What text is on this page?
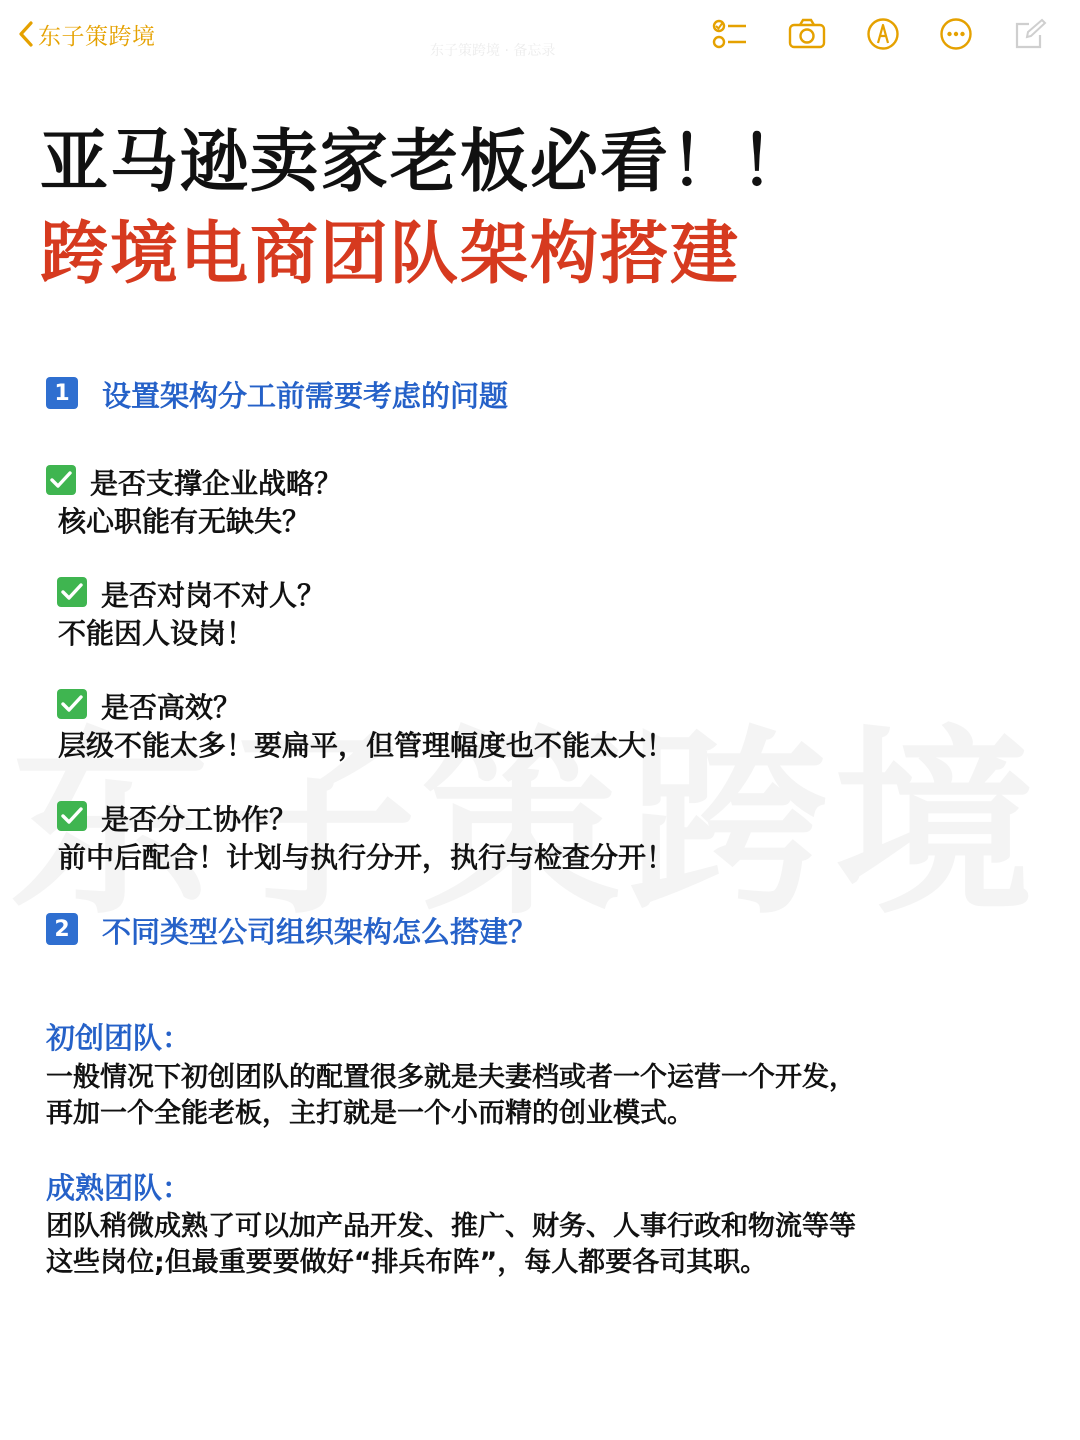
东子策跨境
东子策跨境 · 备忘录
亚马逊卖家老板必看！！
跨境电商团队架构搭建
1 设置架构分工前需要考虑的问题
是否支撑企业战略？
核心职能有无缺失？
是否对岗不对人？
不能因人设岗！
是否高效？
层级不能太多！要扁平，但管理幅度也不能太大！
是否分工协作？
前中后配合！计划与执行分开，执行与检查分开！
2 不同类型公司组织架构怎么搭建？
初创团队：
一般情况下初创团队的配置很多就是夫妻档或者一个运营一个开发，
再加一个全能老板，主打就是一个小而精的创业模式。
成熟团队：
团队稍微成熟了可以加产品开发、推广、财务、人事行政和物流等等
这些岗位;但最重要要做好“排兵布阵”，每人都要各司其职。
